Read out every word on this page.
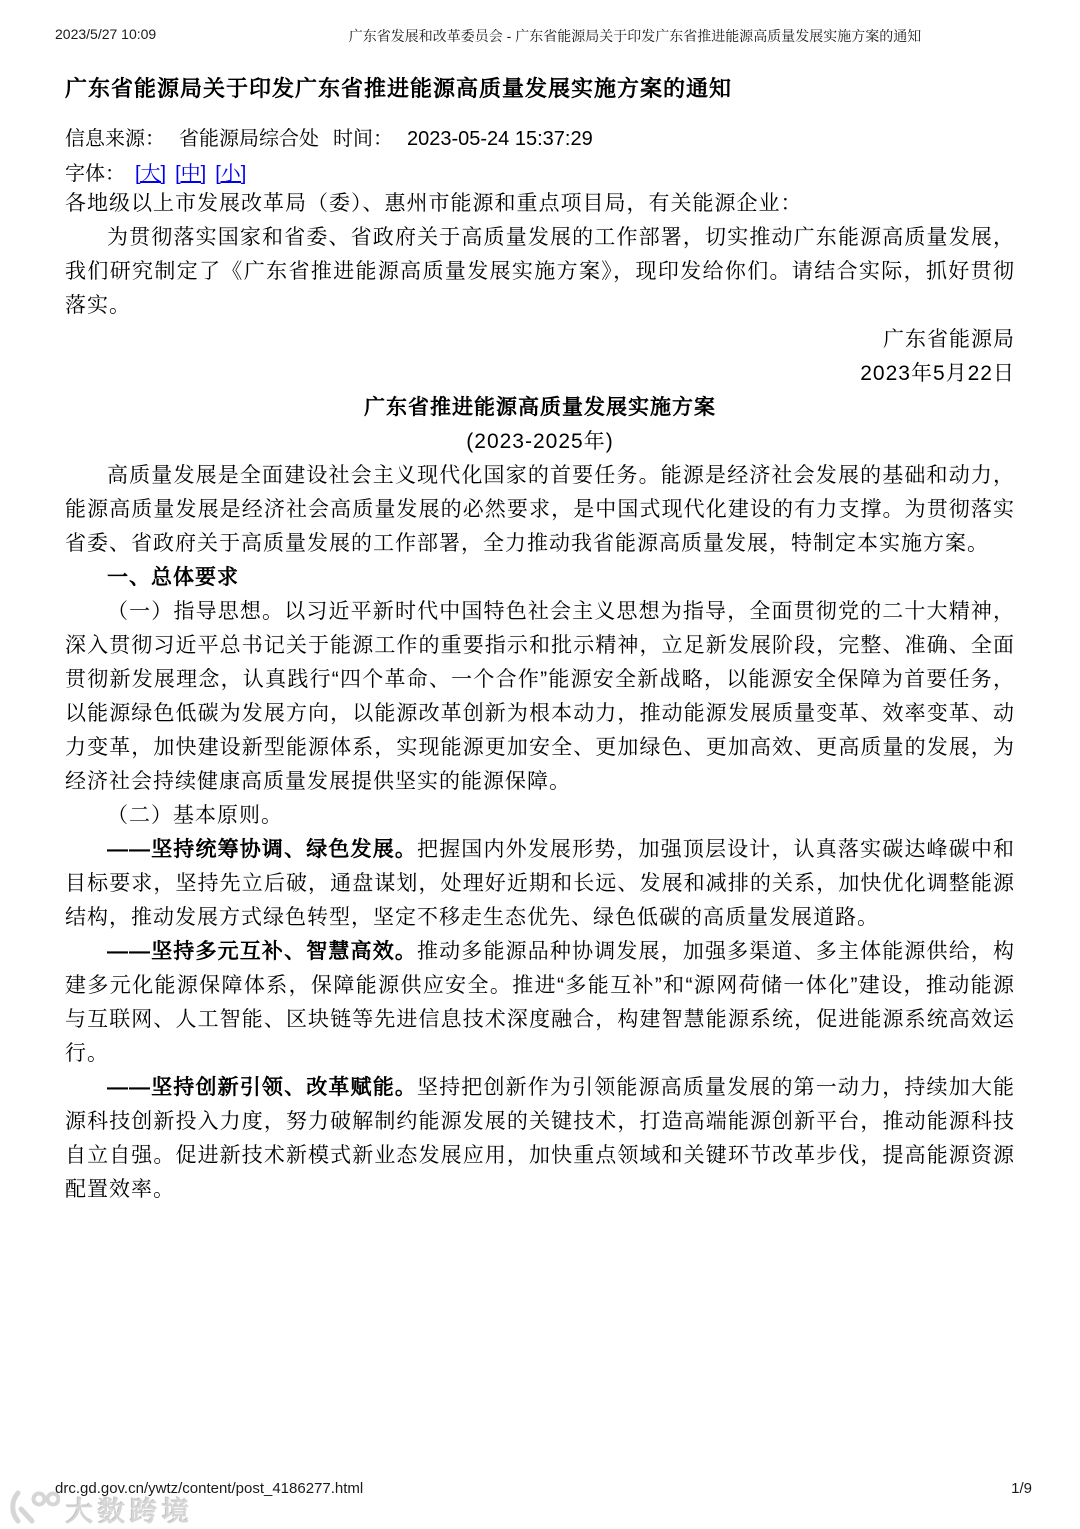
2023/5/27 10:09	广东省发展和改革委员会 - 广东省能源局关于印发广东省推进能源高质量发展实施方案的通知
广东省能源局关于印发广东省推进能源高质量发展实施方案的通知
信息来源： 省能源局综合处 时间： 2023-05-24 15:37:29
字体： [大] [中] [小]

各地级以上市发展改革局（委）、惠州市能源和重点项目局，有关能源企业：

为贯彻落实国家和省委、省政府关于高质量发展的工作部署，切实推动广东能源高质量发展，我们研究制定了《广东省推进能源高质量发展实施方案》，现印发给你们。请结合实际，抓好贯彻落实。

广东省能源局

2023年5月22日

广东省推进能源高质量发展实施方案

(2023-2025年)

高质量发展是全面建设社会主义现代化国家的首要任务。能源是经济社会发展的基础和动力，能源高质量发展是经济社会高质量发展的必然要求，是中国式现代化建设的有力支撑。为贯彻落实省委、省政府关于高质量发展的工作部署，全力推动我省能源高质量发展，特制定本实施方案。

一、总体要求

（一）指导思想。以习近平新时代中国特色社会主义思想为指导，全面贯彻党的二十大精神，深入贯彻习近平总书记关于能源工作的重要指示和批示精神，立足新发展阶段，完整、准确、全面贯彻新发展理念，认真践行“四个革命、一个合作”能源安全新战略，以能源安全保障为首要任务，以能源绿色低碳为发展方向，以能源改革创新为根本动力，推动能源发展质量变革、效率变革、动力变革，加快建设新型能源体系，实现能源更加安全、更加绿色、更加高效、更高质量的发展，为经济社会持续健康高质量发展提供坚实的能源保障。

（二）基本原则。

——坚持统筹协调、绿色发展。把握国内外发展形势，加强顶层设计，认真落实碳达峰碳中和目标要求，坚持先立后破，通盘谋划，处理好近期和长远、发展和减排的关系，加快优化调整能源结构，推动发展方式绿色转型，坚定不移走生态优先、绿色低碳的高质量发展道路。

——坚持多元互补、智慧高效。推动多能源品种协调发展，加强多渠道、多主体能源供给，构建多元化能源保障体系，保障能源供应安全。推进“多能互补”和“源网荷储一体化”建设，推动能源与互联网、人工智能、区块链等先进信息技术深度融合，构建智慧能源系统，促进能源系统高效运行。

——坚持创新引领、改革赋能。坚持把创新作为引领能源高质量发展的第一动力，持续加大能源科技创新投入力度，努力破解制约能源发展的关键技术，打造高端能源创新平台，推动能源科技自立自强。促进新技术新模式新业态发展应用，加快重点领域和关键环节改革步伐，提高能源资源配置效率。

drc.gd.gov.cn/ywtz/content/post_4186277.html	1/9
大数跨境
